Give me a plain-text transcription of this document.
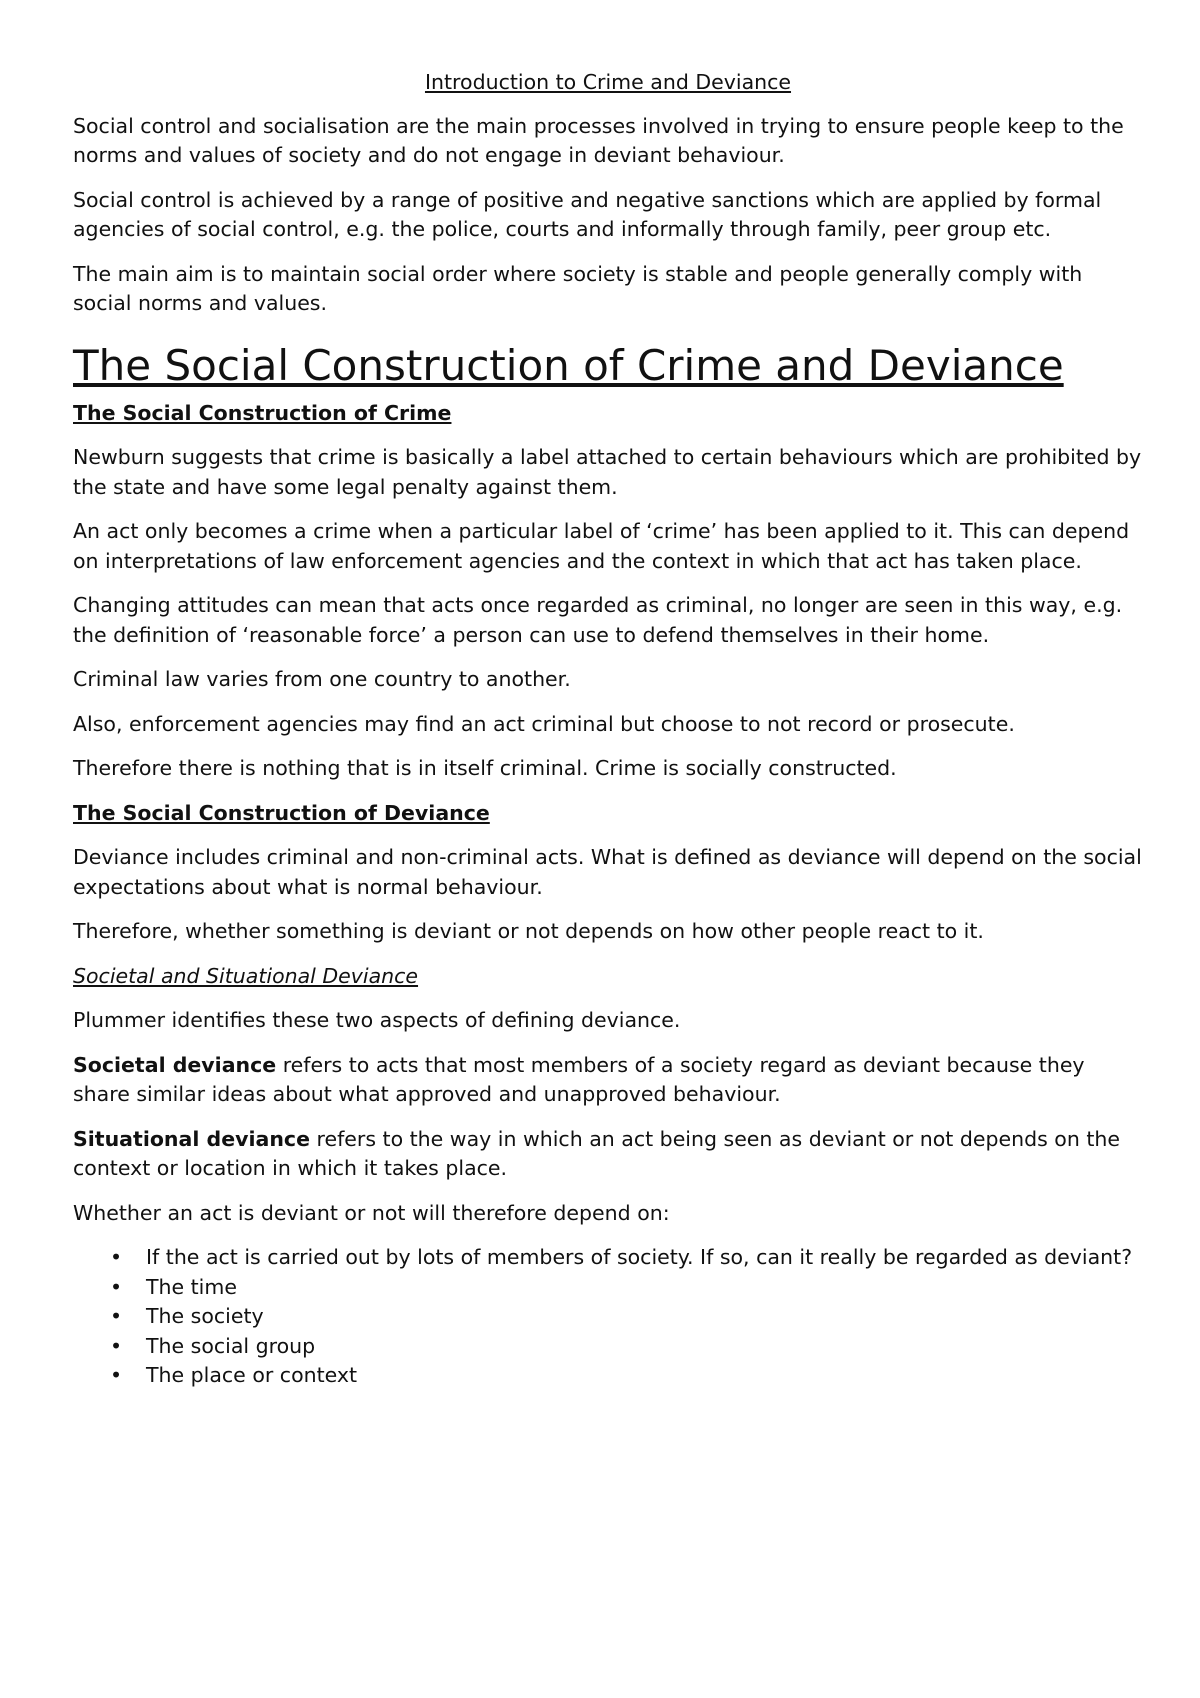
Introduction to Crime and Deviance

Social control and socialisation are the main processes involved in trying to ensure people keep to the norms and values of society and do not engage in deviant behaviour.

Social control is achieved by a range of positive and negative sanctions which are applied by formal agencies of social control, e.g. the police, courts and informally through family, peer group etc.

The main aim is to maintain social order where society is stable and people generally comply with social norms and values.

The Social Construction of Crime and Deviance

The Social Construction of Crime

Newburn suggests that crime is basically a label attached to certain behaviours which are prohibited by the state and have some legal penalty against them.

An act only becomes a crime when a particular label of ‘crime’ has been applied to it. This can depend on interpretations of law enforcement agencies and the context in which that act has taken place.

Changing attitudes can mean that acts once regarded as criminal, no longer are seen in this way, e.g. the definition of ‘reasonable force’ a person can use to defend themselves in their home.

Criminal law varies from one country to another.

Also, enforcement agencies may find an act criminal but choose to not record or prosecute.

Therefore there is nothing that is in itself criminal. Crime is socially constructed.

The Social Construction of Deviance

Deviance includes criminal and non-criminal acts. What is defined as deviance will depend on the social expectations about what is normal behaviour.

Therefore, whether something is deviant or not depends on how other people react to it.

Societal and Situational Deviance

Plummer identifies these two aspects of defining deviance.

Societal deviance refers to acts that most members of a society regard as deviant because they share similar ideas about what approved and unapproved behaviour.

Situational deviance refers to the way in which an act being seen as deviant or not depends on the context or location in which it takes place.

Whether an act is deviant or not will therefore depend on:

• If the act is carried out by lots of members of society. If so, can it really be regarded as deviant?
• The time
• The society
• The social group
• The place or context
